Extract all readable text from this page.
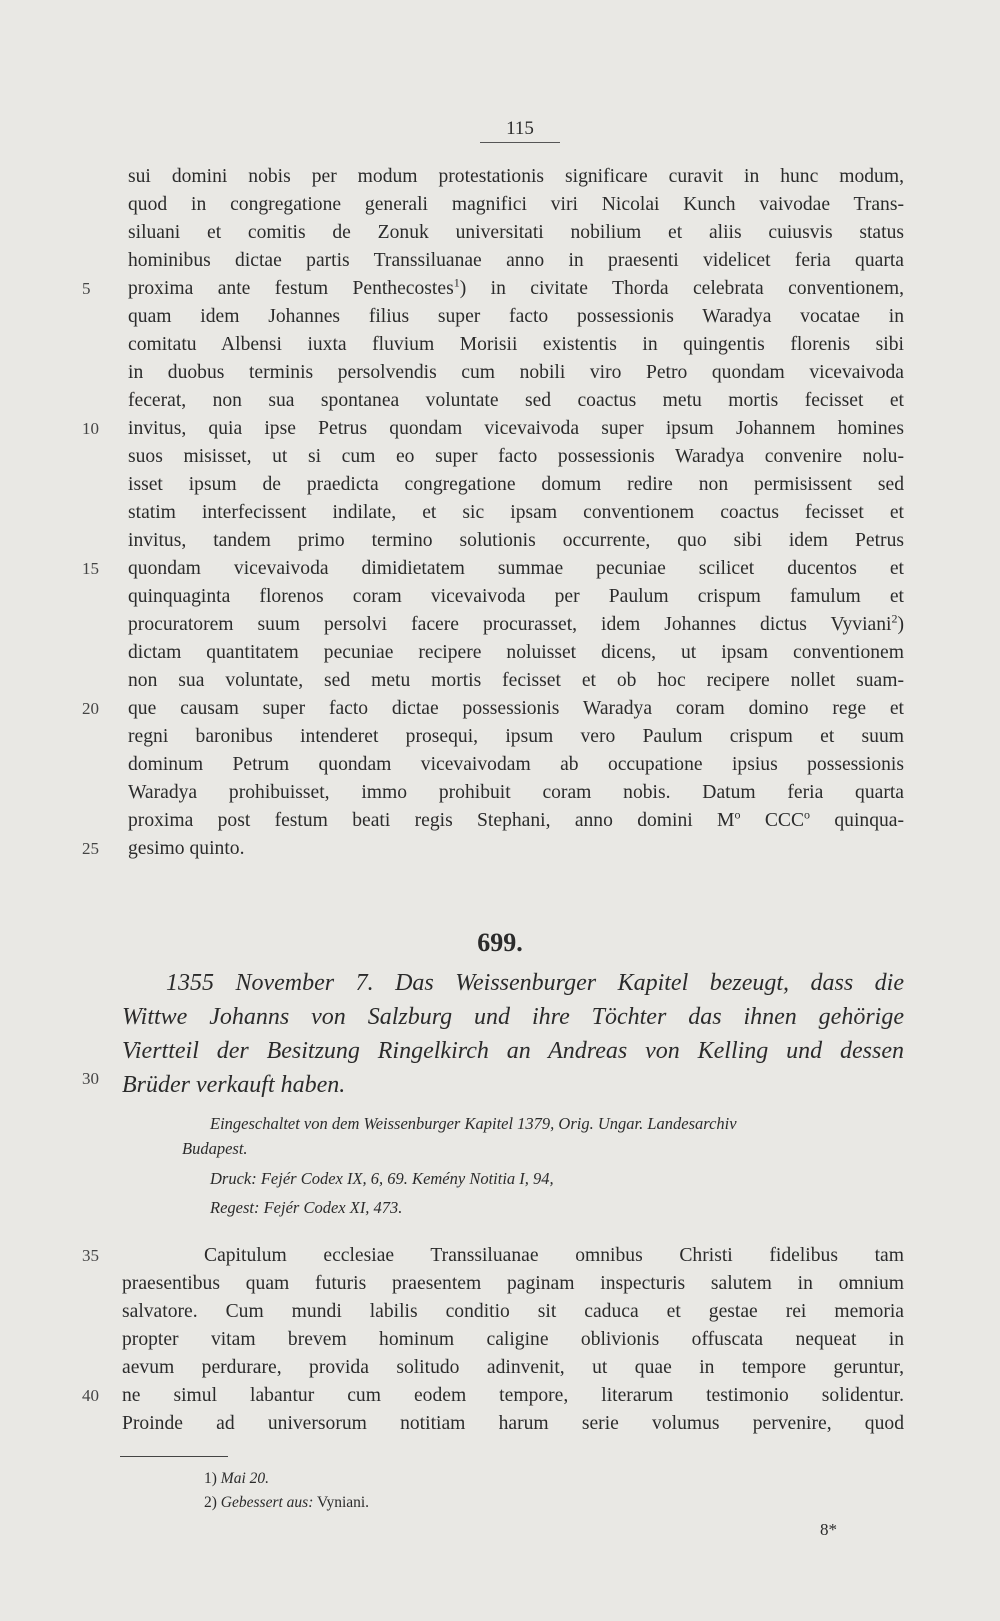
115
sui domini nobis per modum protestationis significare curavit in hunc modum,
quod in congregatione generali magnifici viri Nicolai Kunch vaivodae Trans-
siluani et comitis de Zonuk universitati nobilium et aliis cuiusvis status
hominibus dictae partis Transsiluanae anno in praesenti videlicet feria quarta
proxima ante festum Penthecostes$^1$) in civitate Thorda celebrata conventionem,
quam idem Johannes filius super facto possessionis Waradya vocatae in
comitatu Albensi iuxta fluvium Morisii existentis in quingentis florenis sibi
in duobus terminis persolvendis cum nobili viro Petro quondam vicevaivoda
fecerat, non sua spontanea voluntate sed coactus metu mortis fecisset et
invitus, quia ipse Petrus quondam vicevaivoda super ipsum Johannem homines
suos misisset, ut si cum eo super facto possessionis Waradya convenire nolu-
isset ipsum de praedicta congregatione domum redire non permisissent sed
statim interfecissent indilate, et sic ipsam conventionem coactus fecisset et
invitus, tandem primo termino solutionis occurrente, quo sibi idem Petrus
quondam vicevaivoda dimidietatem summae pecuniae scilicet ducentos et
quinquaginta florenos coram vicevaivoda per Paulum crispum famulum et
procuratorem suum persolvi facere procurasset, idem Johannes dictus Vyviani$^2$)
dictam quantitatem pecuniae recipere noluisset dicens, ut ipsam conventionem
non sua voluntate, sed metu mortis fecisset et ob hoc recipere nollet suam-
que causam super facto dictae possessionis Waradya coram domino rege et
regni baronibus intenderet prosequi, ipsum vero Paulum crispum et suum
dominum Petrum quondam vicevaivodam ab occupatione ipsius possessionis
Waradya prohibuisset, immo prohibuit coram nobis. Datum feria quarta
proxima post festum beati regis Stephani, anno domini $M^o$ CCC$^o$ quinqua-
gesimo quinto.
5
10
15
20
25
30
35
40
699.
1355 November 7. Das Weissenburger Kapitel bezeugt, dass die
Wittwe Johanns von Salzburg und ihre Töchter das ihnen gehörige
Viertteil der Besitzung Ringelkirch an Andreas von Kelling und dessen
Brüder verkauft haben.
Eingeschaltet von dem Weissenburger Kapitel 1379, Orig. Ungar. Landesarchiv
Budapest.
Druck: Fejér Codex IX, 6, 69. Kemény Notitia I, 94,
Regest: Fejér Codex XI, 473.
Capitulum ecclesiae Transsiluanae omnibus Christi fidelibus tam
praesentibus quam futuris praesentem paginam inspecturis salutem in omnium
salvatore. Cum mundi labilis conditio sit caduca et gestae rei memoria
propter vitam brevem hominum caligine oblivionis offuscata nequeat in
aevum perdurare, provida solitudo adinvenit, ut quae in tempore geruntur,
ne simul labantur cum eodem tempore, literarum testimonio solidentur.
Proinde ad universorum notitiam harum serie volumus pervenire, quod
1) Mai 20.
2) Gebessert aus: Vyniani.
8*
